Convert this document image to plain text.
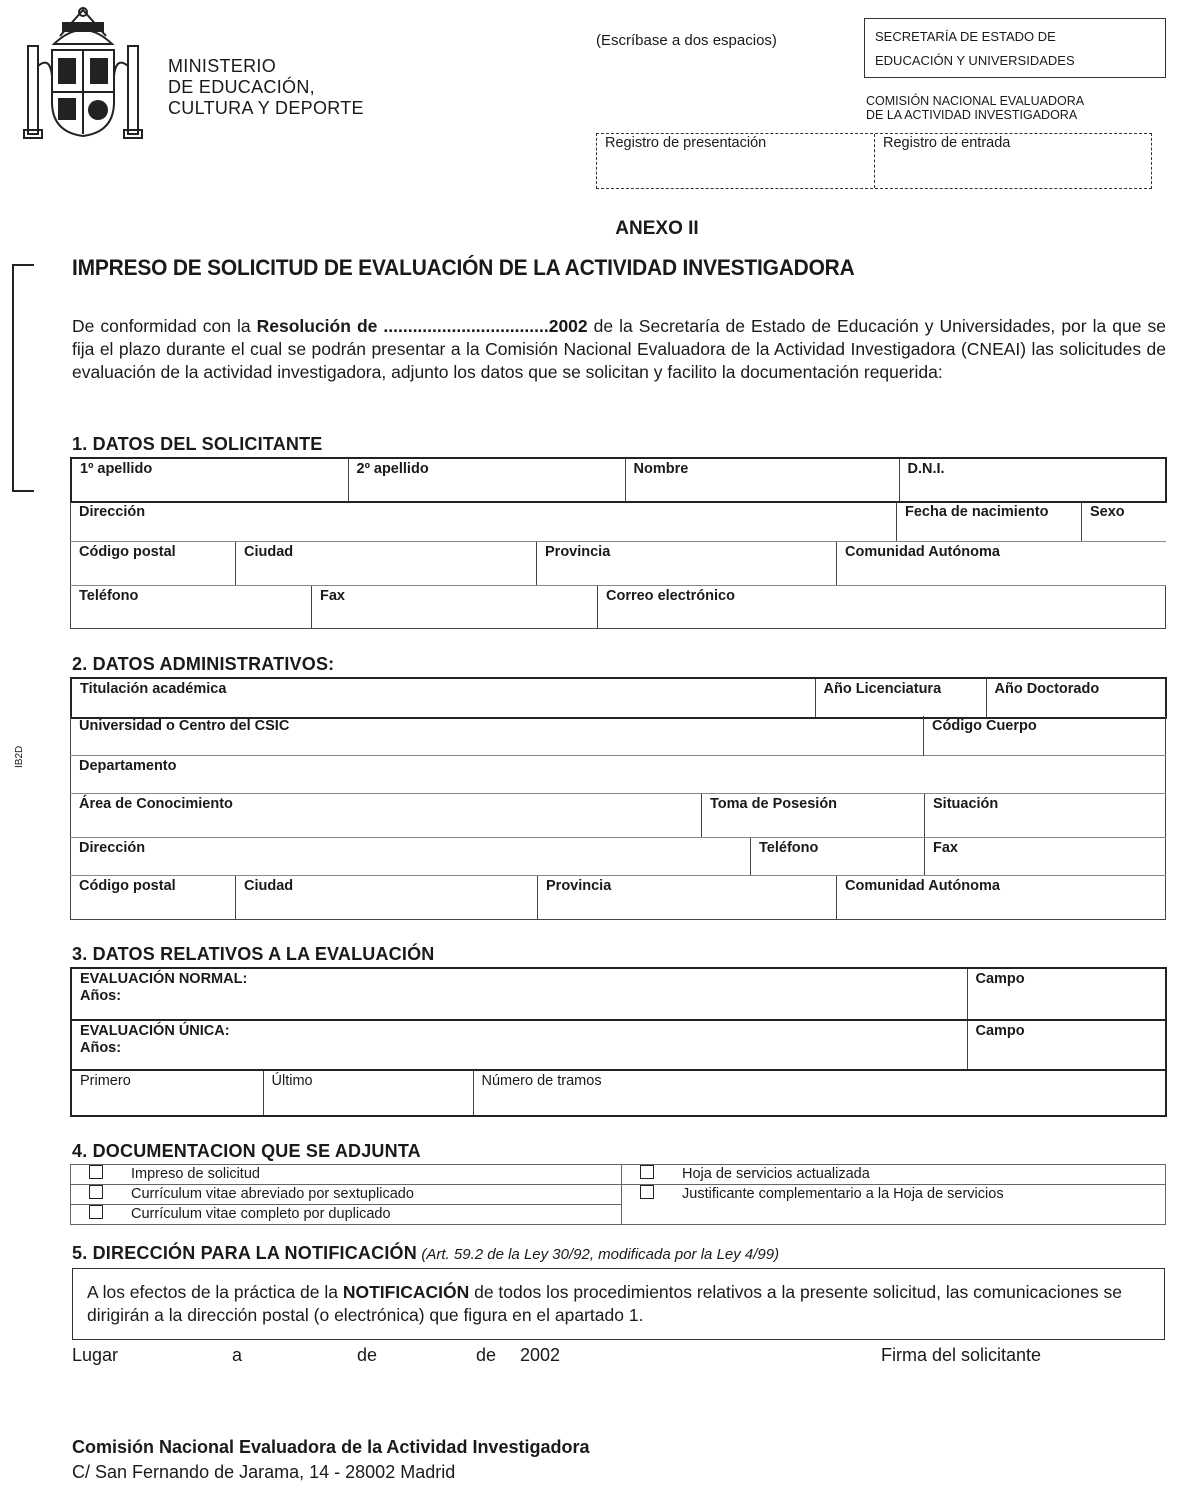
MINISTERIO
DE EDUCACIÓN,
CULTURA Y DEPORTE
(Escríbase a dos espacios)	SECRETARÍA DE ESTADO DE
EDUCACIÓN Y UNIVERSIDADES
COMISIÓN NACIONAL EVALUADORA
DE LA ACTIVIDAD INVESTIGADORA
Registro de presentación	Registro de entrada
ANEXO II
IMPRESO DE SOLICITUD DE EVALUACIÓN DE LA ACTIVIDAD INVESTIGADORA
De conformidad con la Resolución de ..................................2002 de la Secretaría de Estado de Educación y Universidades, por la que se fija el plazo durante el cual se podrán presentar a la Comisión Nacional Evaluadora de la Actividad Investigadora (CNEAI) las solicitudes de evaluación de la actividad investigadora, adjunto los datos que se solicitan y facilito la documentación requerida:
IB2D
1. DATOS DEL SOLICITANTE
1º apellido	2º apellido	Nombre	D.N.I.
Dirección	Fecha de nacimiento	Sexo
Código postal	Ciudad	Provincia	Comunidad Autónoma
Teléfono	Fax	Correo electrónico
2. DATOS ADMINISTRATIVOS:
Titulación académica	Año Licenciatura	Año Doctorado
Universidad o Centro del CSIC	Código Cuerpo
Departamento
Área de Conocimiento	Toma de Posesión	Situación
Dirección	Teléfono	Fax
Código postal	Ciudad	Provincia	Comunidad Autónoma
3. DATOS RELATIVOS A LA EVALUACIÓN
EVALUACIÓN NORMAL:
Años:			Campo

EVALUACIÓN ÚNICA:
Años:			Campo
Primero	Último	Número de tramos	
4. DOCUMENTACION QUE SE ADJUNTA
Impreso de solicitud	Hoja de servicios actualizada
Currículum vitae abreviado por sextuplicado	Justificante complementario a la Hoja de servicios
Currículum vitae completo por duplicado	
5. DIRECCIÓN PARA LA NOTIFICACIÓN (Art. 59.2 de la Ley 30/92, modificada por la Ley 4/99)
A los efectos de la práctica de la NOTIFICACIÓN de todos los procedimientos relativos a la presente solicitud, las comunicaciones se dirigirán a la dirección postal (o electrónica) que figura en el apartado 1.
Lugar	a	de	de 2002	Firma del solicitante
Comisión Nacional Evaluadora de la Actividad Investigadora
C/ San Fernando de Jarama, 14 - 28002 Madrid
